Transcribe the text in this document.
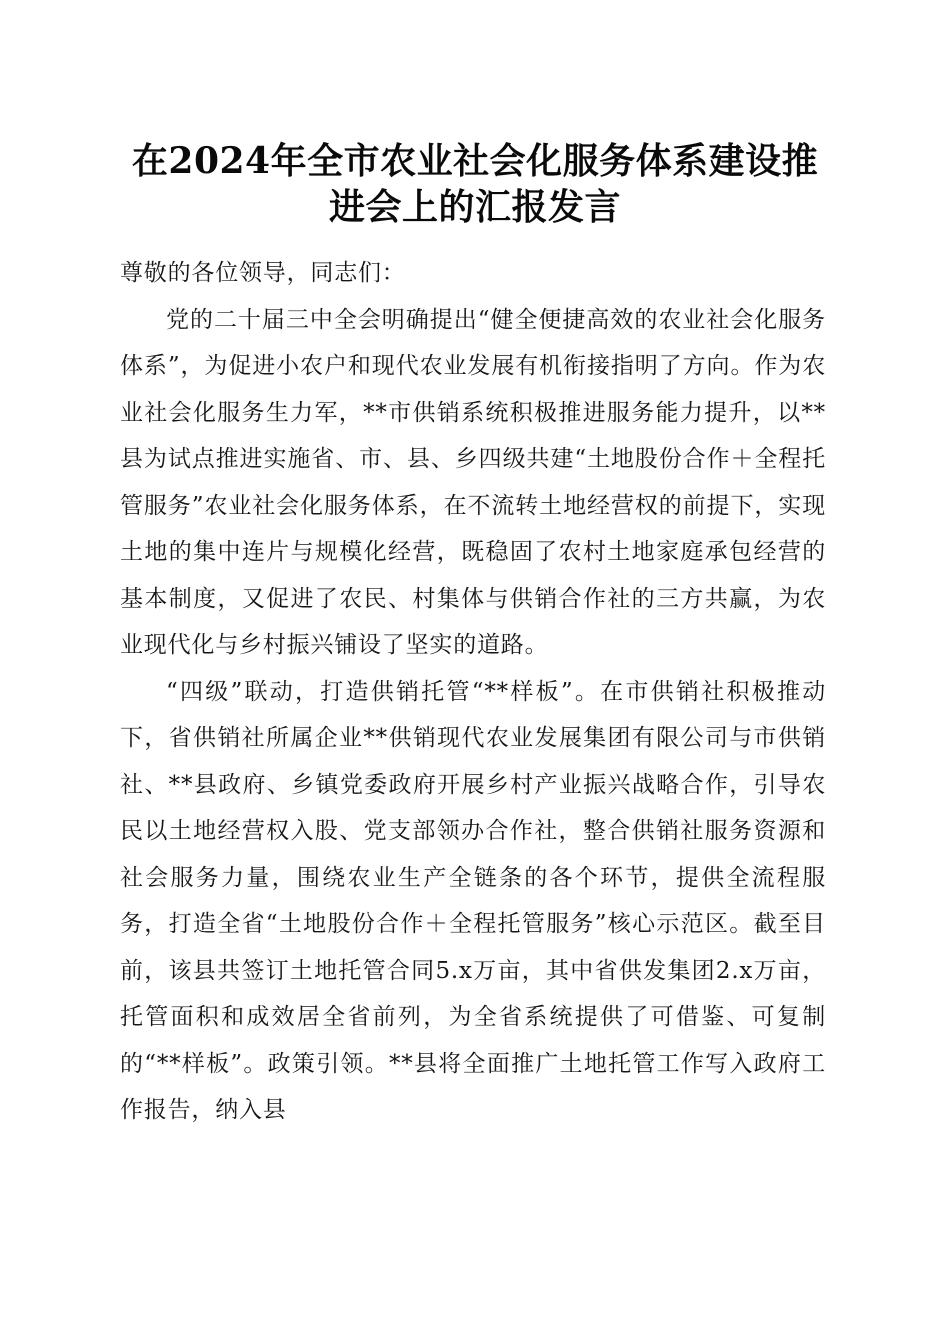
在2024年全市农业社会化服务体系建设推进会上的汇报发言

尊敬的各位领导，同志们：

党的二十届三中全会明确提出“健全便捷高效的农业社会化服务体系”，为促进小农户和现代农业发展有机衔接指明了方向。作为农业社会化服务生力军，**市供销系统积极推进服务能力提升，以**县为试点推进实施省、市、县、乡四级共建“土地股份合作＋全程托管服务”农业社会化服务体系，在不流转土地经营权的前提下，实现土地的集中连片与规模化经营，既稳固了农村土地家庭承包经营的基本制度，又促进了农民、村集体与供销合作社的三方共赢，为农业现代化与乡村振兴铺设了坚实的道路。

“四级”联动，打造供销托管“**样板”。在市供销社积极推动下，省供销社所属企业**供销现代农业发展集团有限公司与市供销社、**县政府、乡镇党委政府开展乡村产业振兴战略合作，引导农民以土地经营权入股、党支部领办合作社，整合供销社服务资源和社会服务力量，围绕农业生产全链条的各个环节，提供全流程服务，打造全省“土地股份合作＋全程托管服务”核心示范区。截至目前，该县共签订土地托管合同5.x万亩，其中省供发集团2.x万亩，托管面积和成效居全省前列，为全省系统提供了可借鉴、可复制的“**样板”。政策引领。**县将全面推广土地托管工作写入政府工作报告，纳入县
